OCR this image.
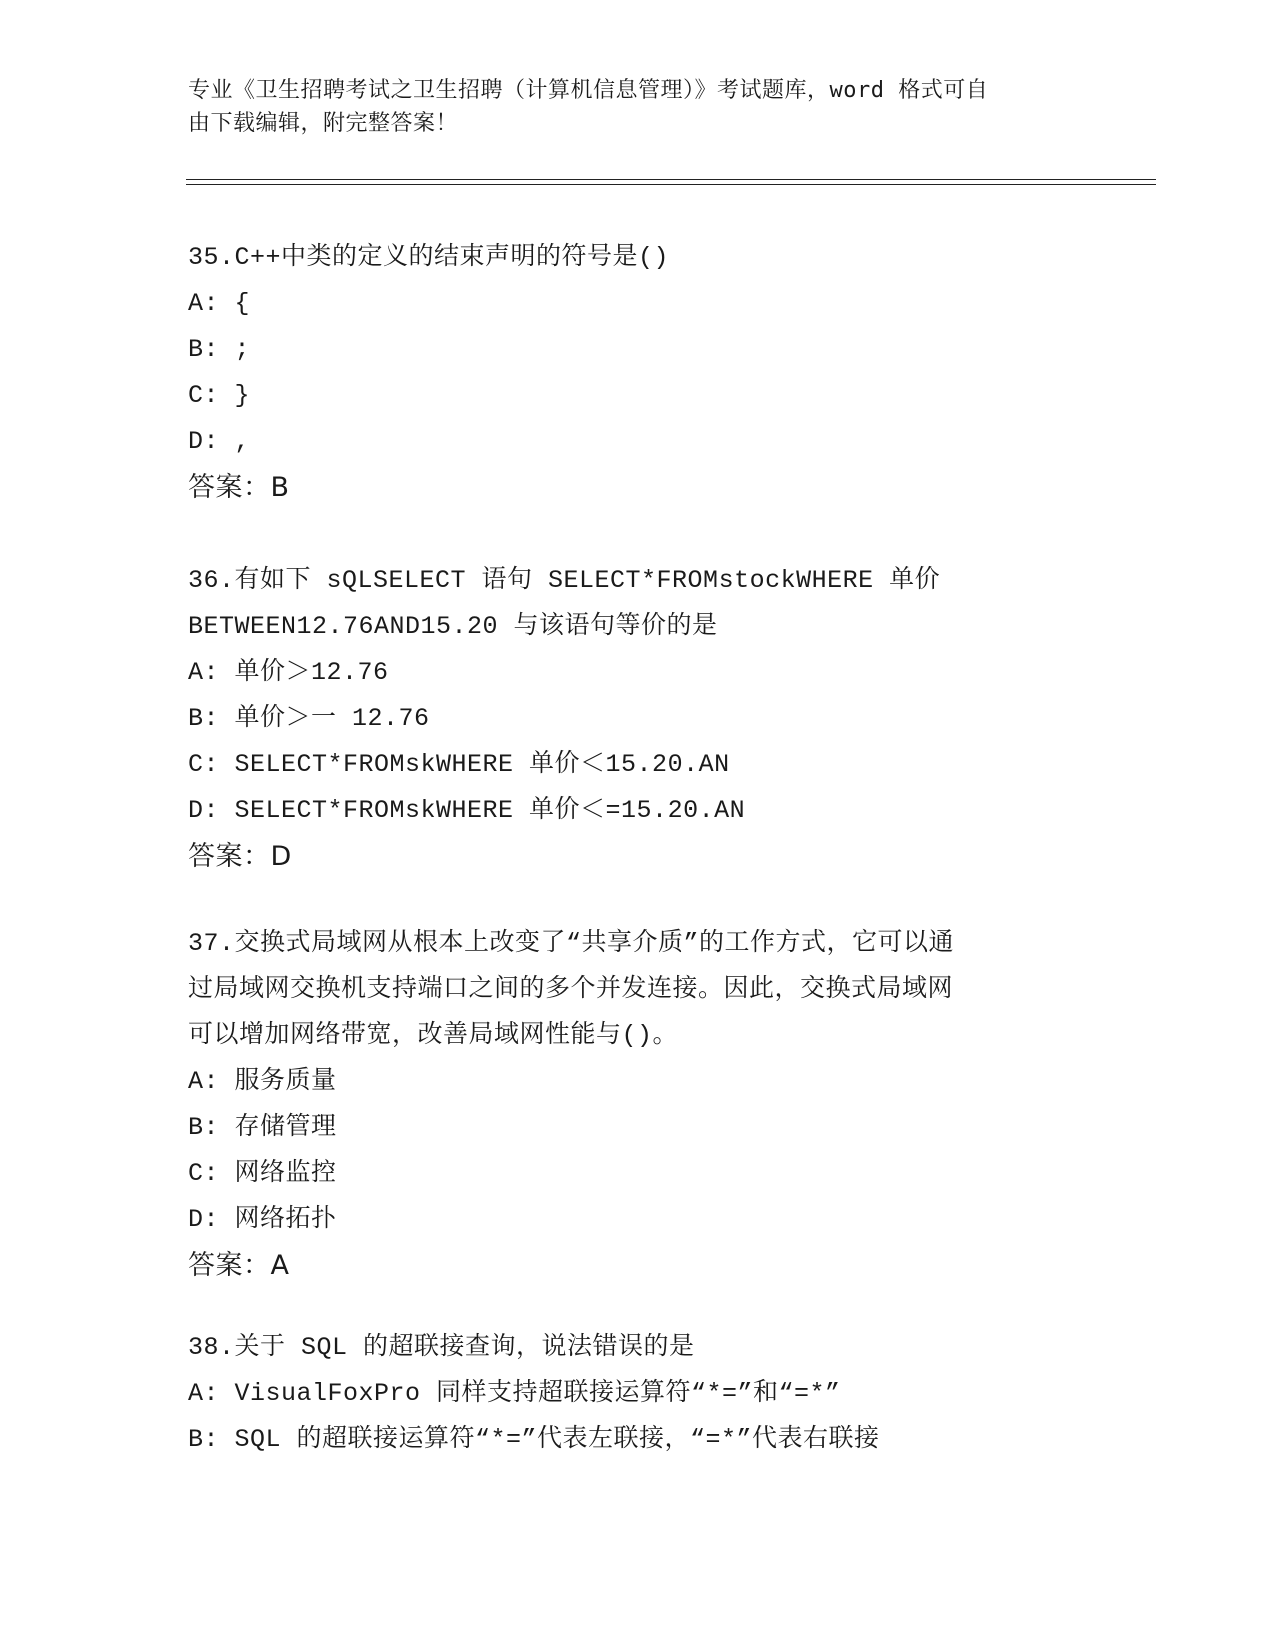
专业《卫生招聘考试之卫生招聘（计算机信息管理）》考试题库，word 格式可自
由下载编辑，附完整答案！

35.C++中类的定义的结束声明的符号是()

A: {

B: ;

C: }

D: ,

答案：B

36.有如下 sQLSELECT 语句 SELECT*FROMstockWHERE 单价

BETWEEN12.76AND15.20 与该语句等价的是

A: 单价＞12.76

B: 单价＞一 12.76

C: SELECT*FROMskWHERE 单价＜15.20.AN

D: SELECT*FROMskWHERE 单价＜=15.20.AN

答案：D

37.交换式局域网从根本上改变了“共享介质”的工作方式，它可以通

过局域网交换机支持端口之间的多个并发连接。因此，交换式局域网

可以增加网络带宽，改善局域网性能与()。

A: 服务质量

B: 存储管理

C: 网络监控

D: 网络拓扑

答案：A

38.关于 SQL 的超联接查询，说法错误的是

A: VisualFoxPro 同样支持超联接运算符“*=”和“=*”

B: SQL 的超联接运算符“*=”代表左联接，“=*”代表右联接
